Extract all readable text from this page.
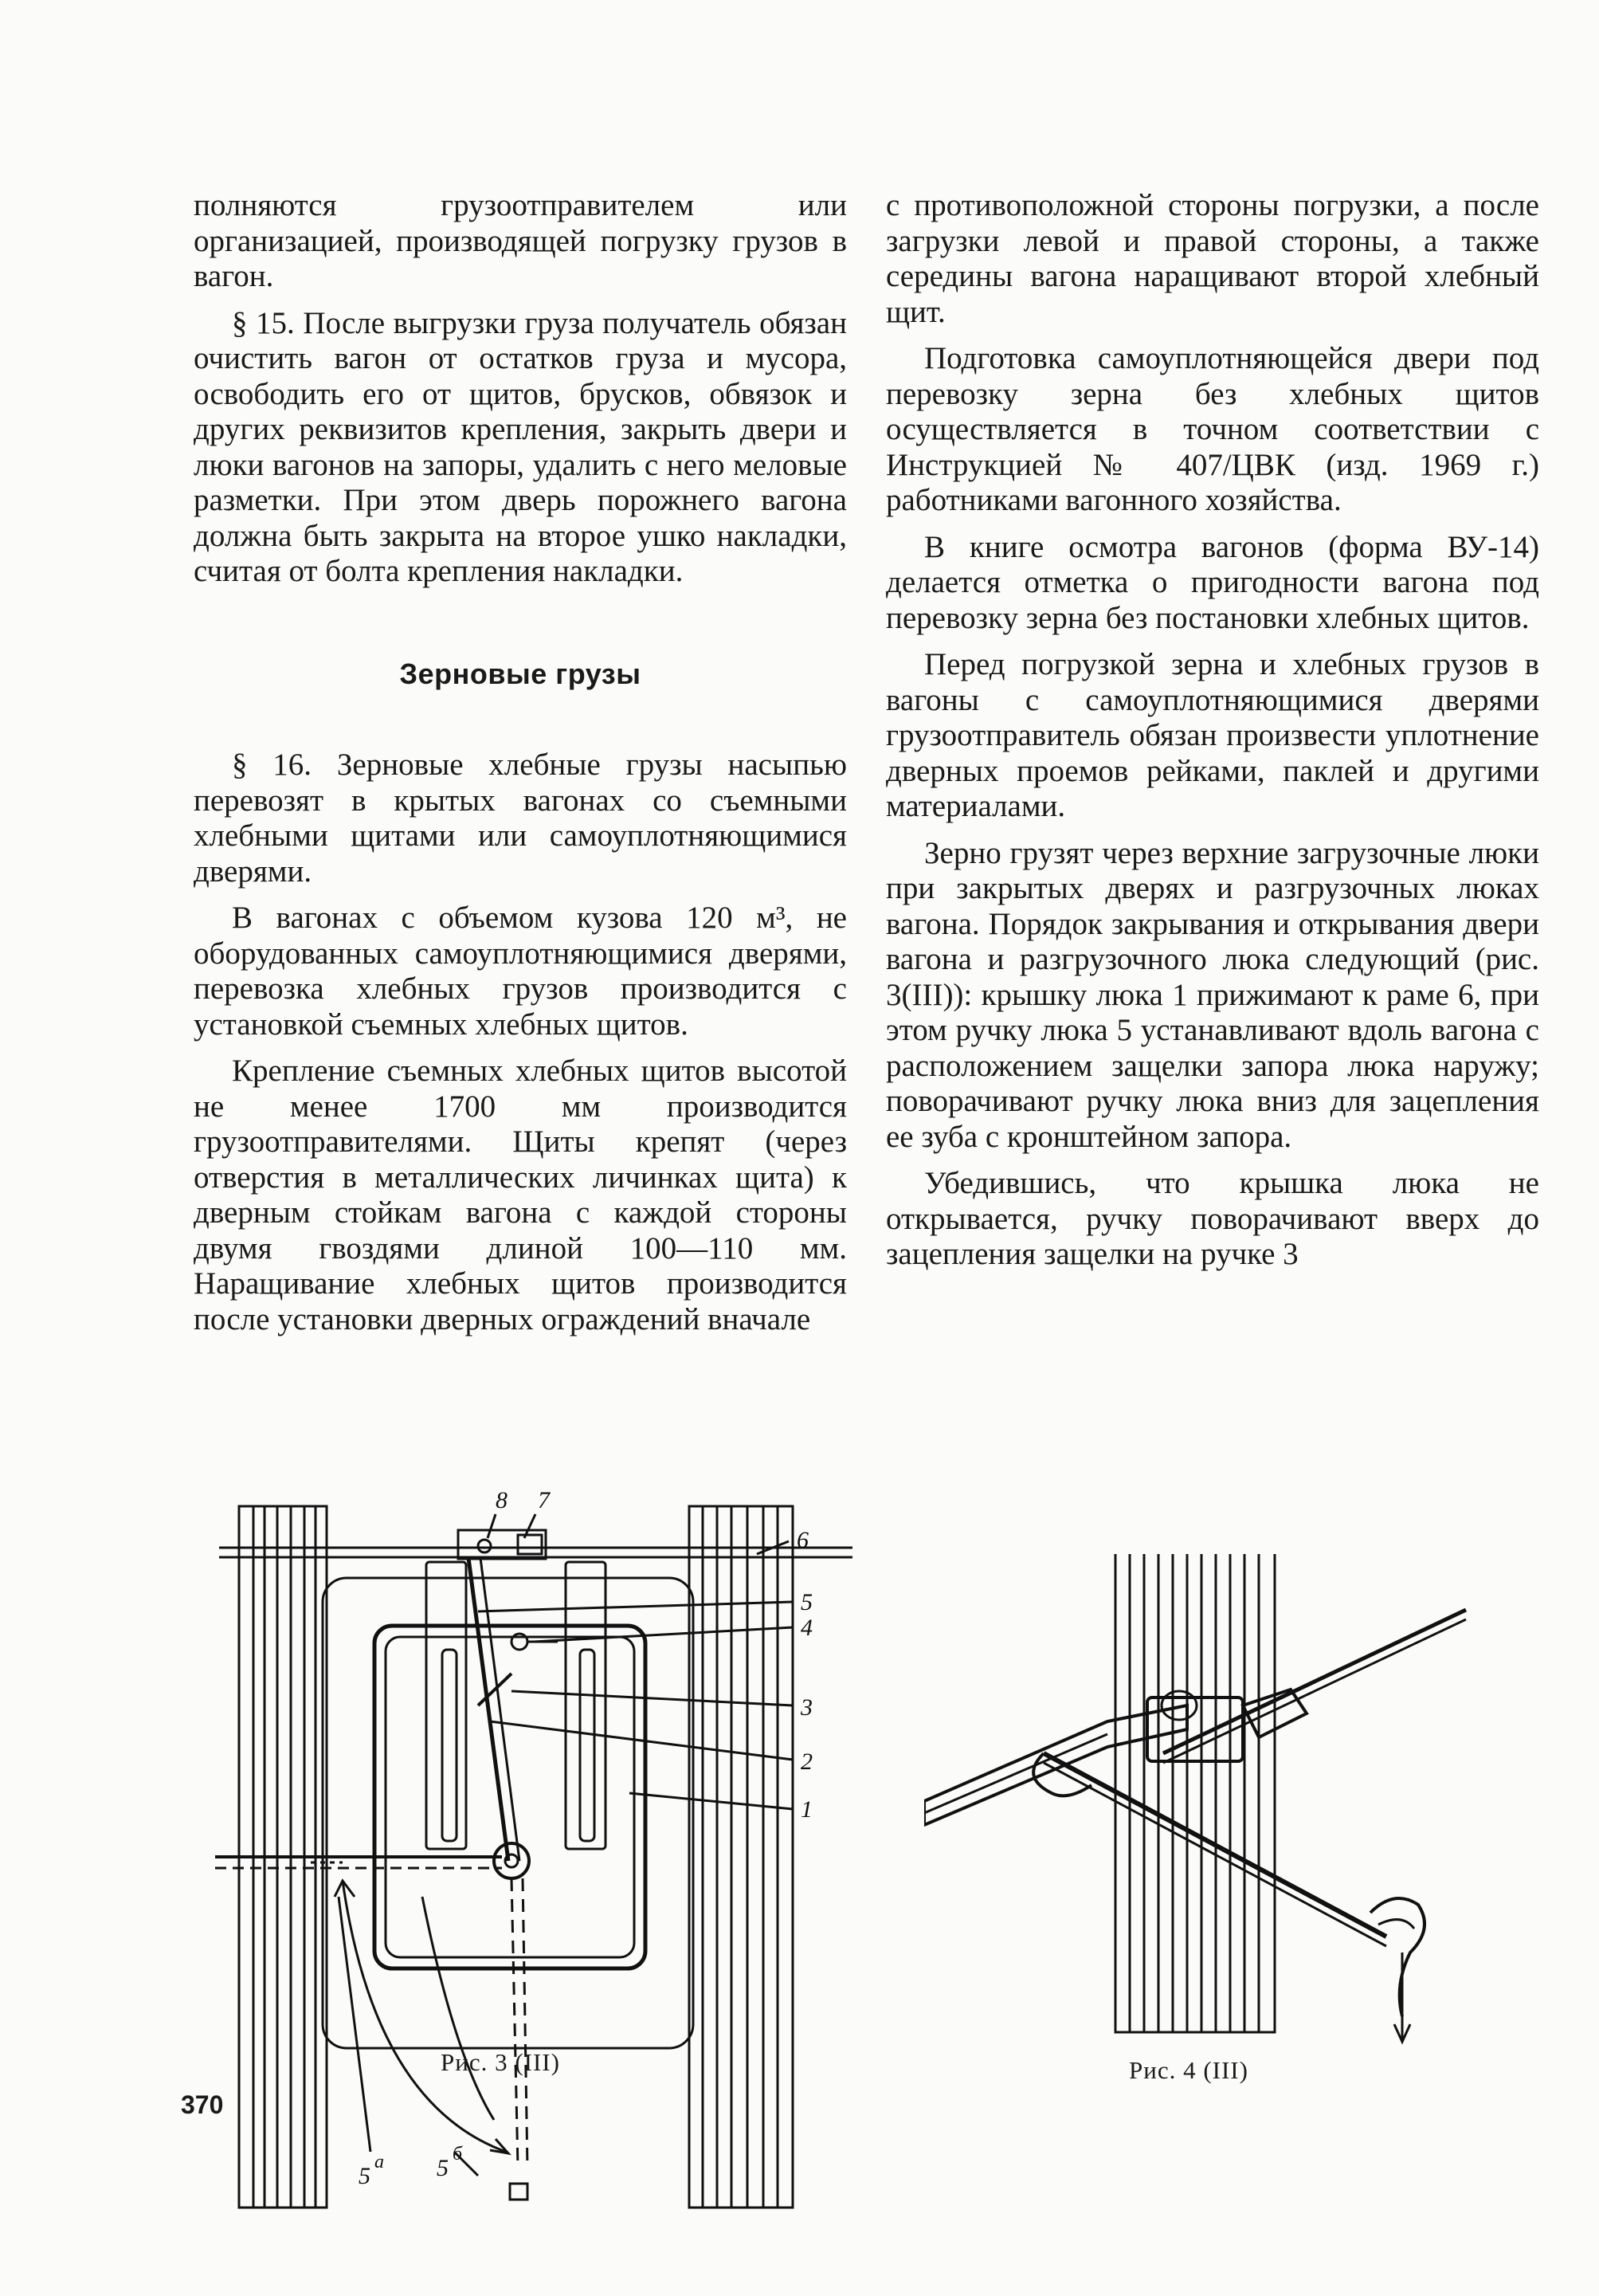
полняются грузоотправителем или организацией, производящей погрузку грузов в вагон.

§ 15. После выгрузки груза получатель обязан очистить вагон от остатков груза и мусора, освободить его от щитов, брусков, обвязок и других реквизитов крепления, закрыть двери и люки вагонов на запоры, удалить с него меловые разметки. При этом дверь порожнего вагона должна быть закрыта на второе ушко накладки, считая от болта крепления накладки.

Зерновые грузы

§ 16. Зерновые хлебные грузы насыпью перевозят в крытых вагонах со съемными хлебными щитами или самоуплотняющимися дверями.

В вагонах с объемом кузова 120 м³, не оборудованных самоуплотняющимися дверями, перевозка хлебных грузов производится с установкой съемных хлебных щитов.

Крепление съемных хлебных щитов высотой не менее 1700 мм производится грузоотправителями. Щиты крепят (через отверстия в металлических личинках щита) к дверным стойкам вагона с каждой стороны двумя гвоздями длиной 100—110 мм. Наращивание хлебных щитов производится после установки дверных ограждений вначале

с противоположной стороны погрузки, а после загрузки левой и правой стороны, а также середины вагона наращивают второй хлебный щит.

Подготовка самоуплотняющейся двери под перевозку зерна без хлебных щитов осуществляется в точном соответствии с Инструкцией № 407/ЦВК (изд. 1969 г.) работниками вагонного хозяйства.

В книге осмотра вагонов (форма ВУ-14) делается отметка о пригодности вагона под перевозку зерна без постановки хлебных щитов.

Перед погрузкой зерна и хлебных грузов в вагоны с самоуплотняющимися дверями грузоотправитель обязан произвести уплотнение дверных проемов рейками, паклей и другими материалами.

Зерно грузят через верхние загрузочные люки при закрытых дверях и разгрузочных люках вагона. Порядок закрывания и открывания двери вагона и разгрузочного люка следующий (рис. 3(III)): крышку люка 1 прижимают к раме 6, при этом ручку люка 5 устанавливают вдоль вагона с расположением защелки запора люка наружу; поворачивают ручку люка вниз для зацепления ее зуба с кронштейном запора.

Убедившись, что крышка люка не открывается, ручку поворачивают вверх до зацепления защелки на ручке 3

8 7
6
5
4
3
2
1
5
а 5
б
Рис. 3 (III)	Рис. 4 (III)
370
